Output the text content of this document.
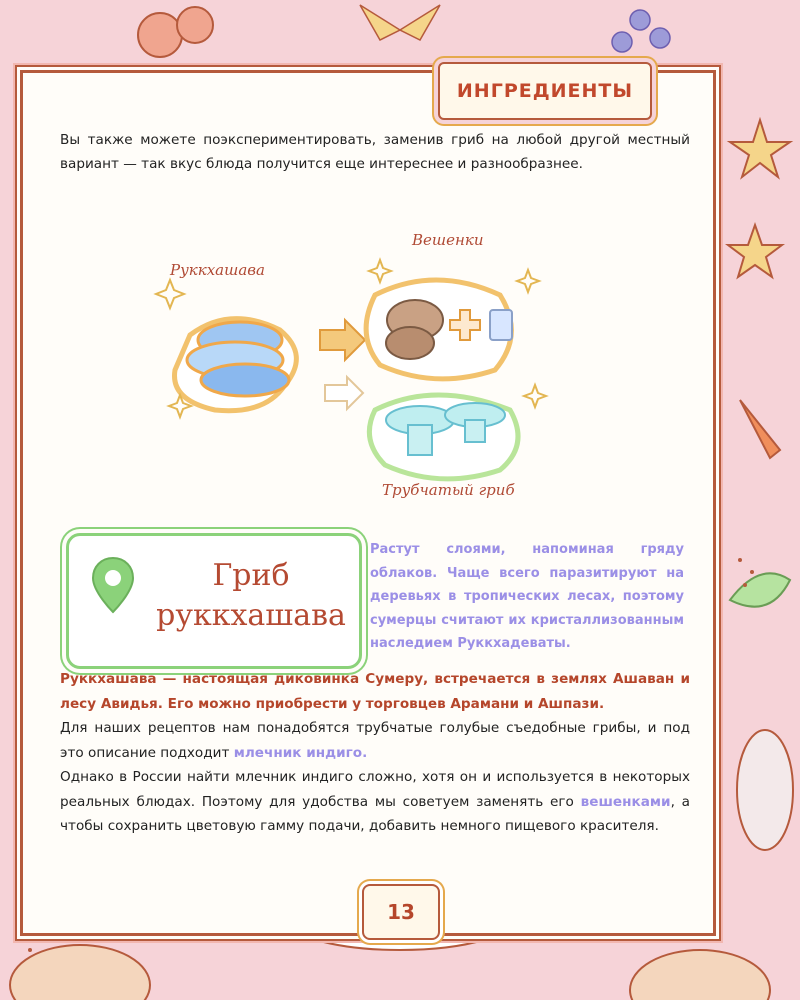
ИНГРЕДИЕНТЫ
Вы также можете поэкспериментировать, заменив гриб на любой другой местный вариант — так вкус блюда получится еще интереснее и разнообразнее.
Руккхашава
Вешенки
Трубчатый гриб
Гриб
руккхашава
Растут слоями, напоминая гряду облаков. Чаще всего паразитируют на деревьях в тропических лесах, поэтому сумерцы считают их кристаллизованным наследием Руккхадеваты.

Руккхашава — настоящая диковинка Сумеру, встречается в землях Ашаван и лесу Авидья. Его можно приобрести у торговцев Арамани и Ашпази.

Для наших рецептов нам понадобятся трубчатые голубые съедобные грибы, и под это описание подходит млечник индиго.

Однако в России найти млечник индиго сложно, хотя он и используется в некоторых реальных блюдах. Поэтому для удобства мы советуем заменять его вешенками, а чтобы сохранить цветовую гамму подачи, добавить немного пищевого красителя.

13
